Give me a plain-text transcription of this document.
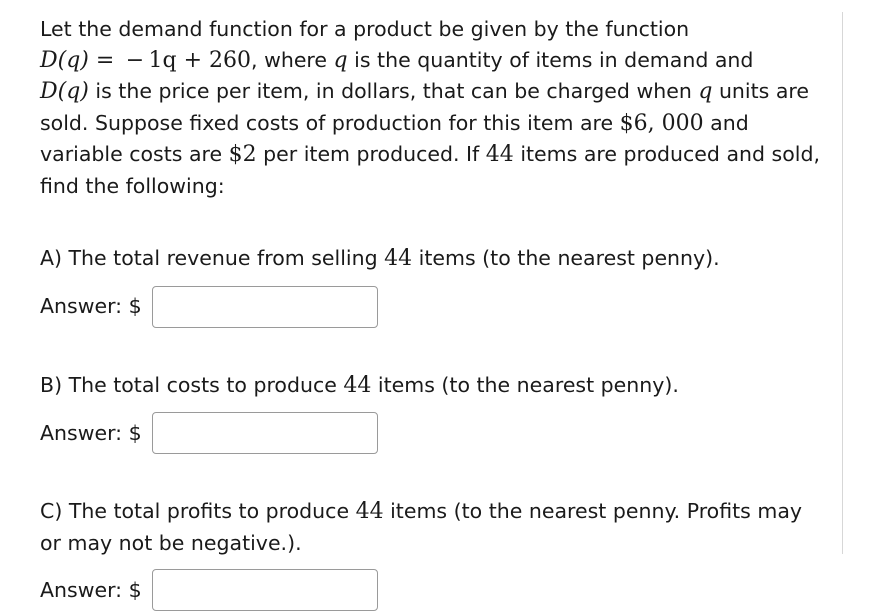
Let the demand function for a product be given by the function
D(q) =  − 1q + 260, where q is the quantity of items in demand and
D(q) is the price per item, in dollars, that can be charged when q units are
sold. Suppose fixed costs of production for this item are $6, 000 and
variable costs are $2 per item produced. If 44 items are produced and sold,
find the following:
A) The total revenue from selling 44 items (to the nearest penny).
Answer: $
B) The total costs to produce 44 items (to the nearest penny).
Answer: $
C) The total profits to produce 44 items (to the nearest penny. Profits may
or may not be negative.).
Answer: $
